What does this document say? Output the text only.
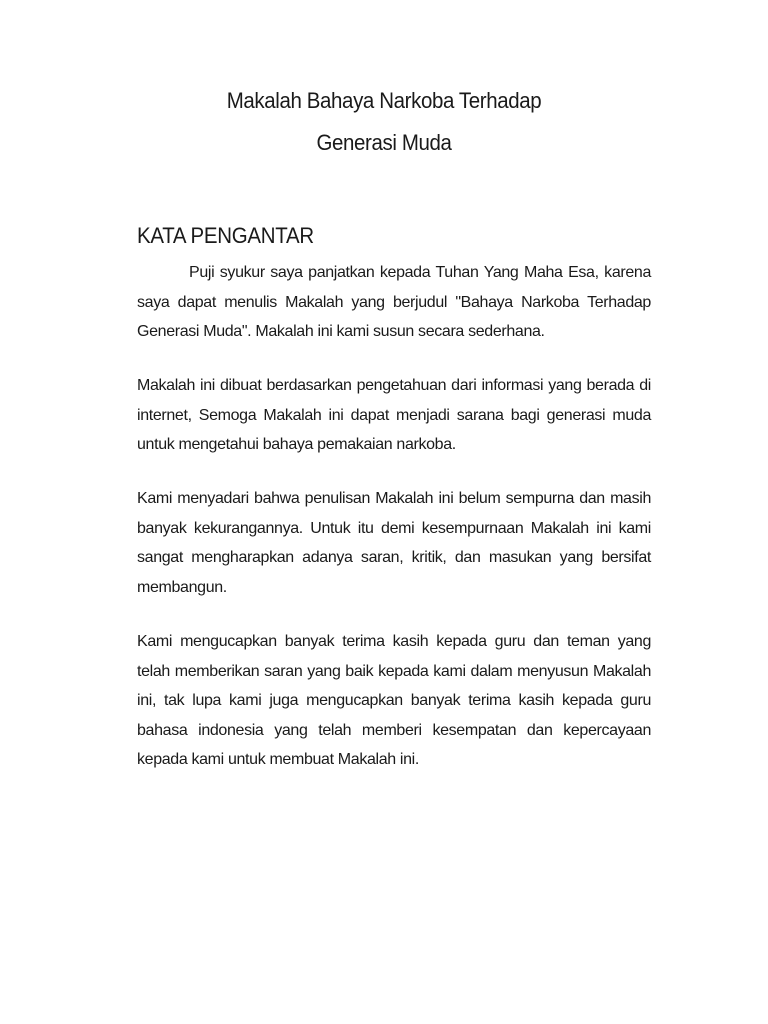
Makalah Bahaya Narkoba Terhadap
Generasi Muda
KATA PENGANTAR
Puji syukur saya panjatkan kepada Tuhan Yang Maha Esa, karena saya dapat menulis Makalah yang berjudul "Bahaya Narkoba Terhadap Generasi Muda". Makalah ini kami susun secara sederhana.
Makalah ini dibuat berdasarkan pengetahuan dari informasi yang berada di internet, Semoga Makalah ini dapat menjadi sarana bagi generasi muda untuk mengetahui bahaya pemakaian narkoba.
Kami menyadari bahwa penulisan Makalah ini belum sempurna dan masih banyak kekurangannya. Untuk itu demi kesempurnaan Makalah ini kami sangat mengharapkan adanya saran, kritik, dan masukan yang bersifat membangun.
Kami mengucapkan banyak terima kasih kepada guru dan teman yang telah memberikan saran yang baik kepada kami dalam menyusun Makalah ini, tak lupa kami juga mengucapkan banyak terima kasih kepada guru bahasa indonesia yang telah memberi kesempatan dan kepercayaan kepada kami untuk membuat Makalah ini.
